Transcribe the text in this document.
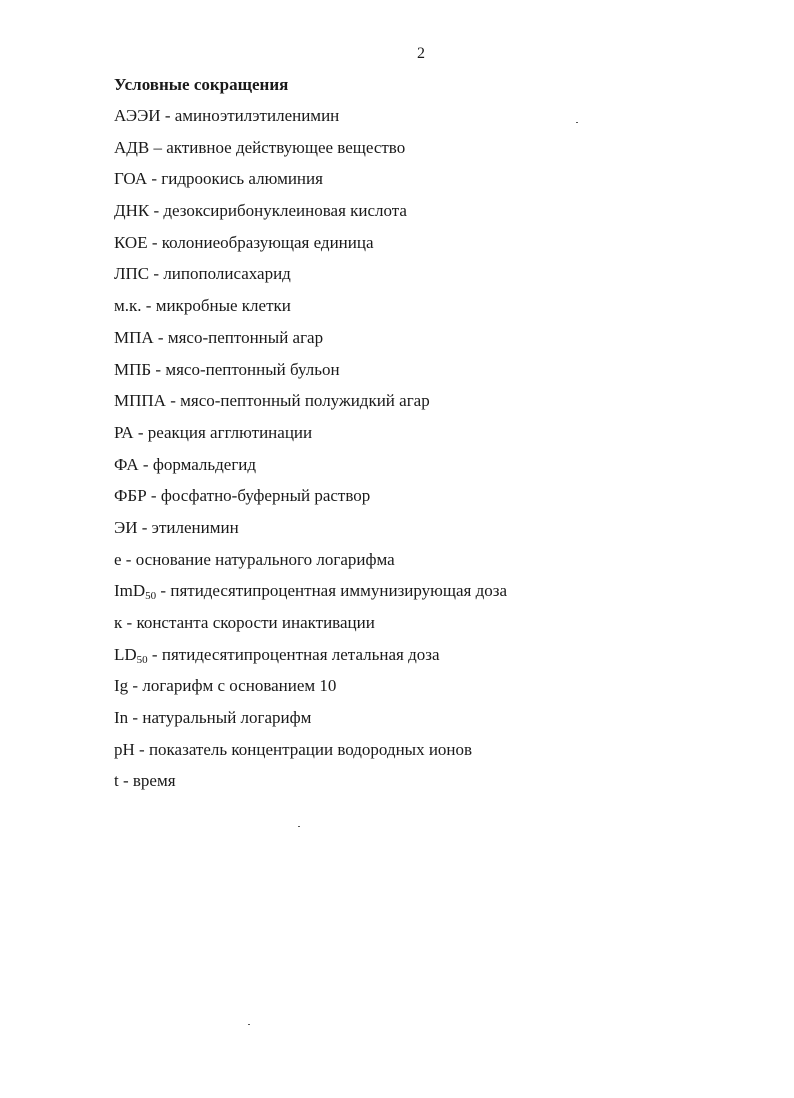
2
Условные сокращения
АЭЭИ - аминоэтилэтиленимин
АДВ – активное действующее вещество
ГОА - гидроокись алюминия
ДНК - дезоксирибонуклеиновая кислота
КОЕ - колониеобразующая единица
ЛПС - липополисахарид
м.к. - микробные клетки
МПА - мясо-пептонный агар
МПБ - мясо-пептонный бульон
МППА - мясо-пептонный полужидкий агар
РА - реакция агглютинации
ФА - формальдегид
ФБР - фосфатно-буферный раствор
ЭИ - этиленимин
е - основание натурального логарифма
ImD$_{50}$ - пятидесятипроцентная иммунизирующая доза
к - константа скорости инактивации
$LD_{50}$ - пятидесятипроцентная летальная доза
Ig - логарифм с основанием 10
In - натуральный логарифм
pH - показатель концентрации водородных ионов
t - время
